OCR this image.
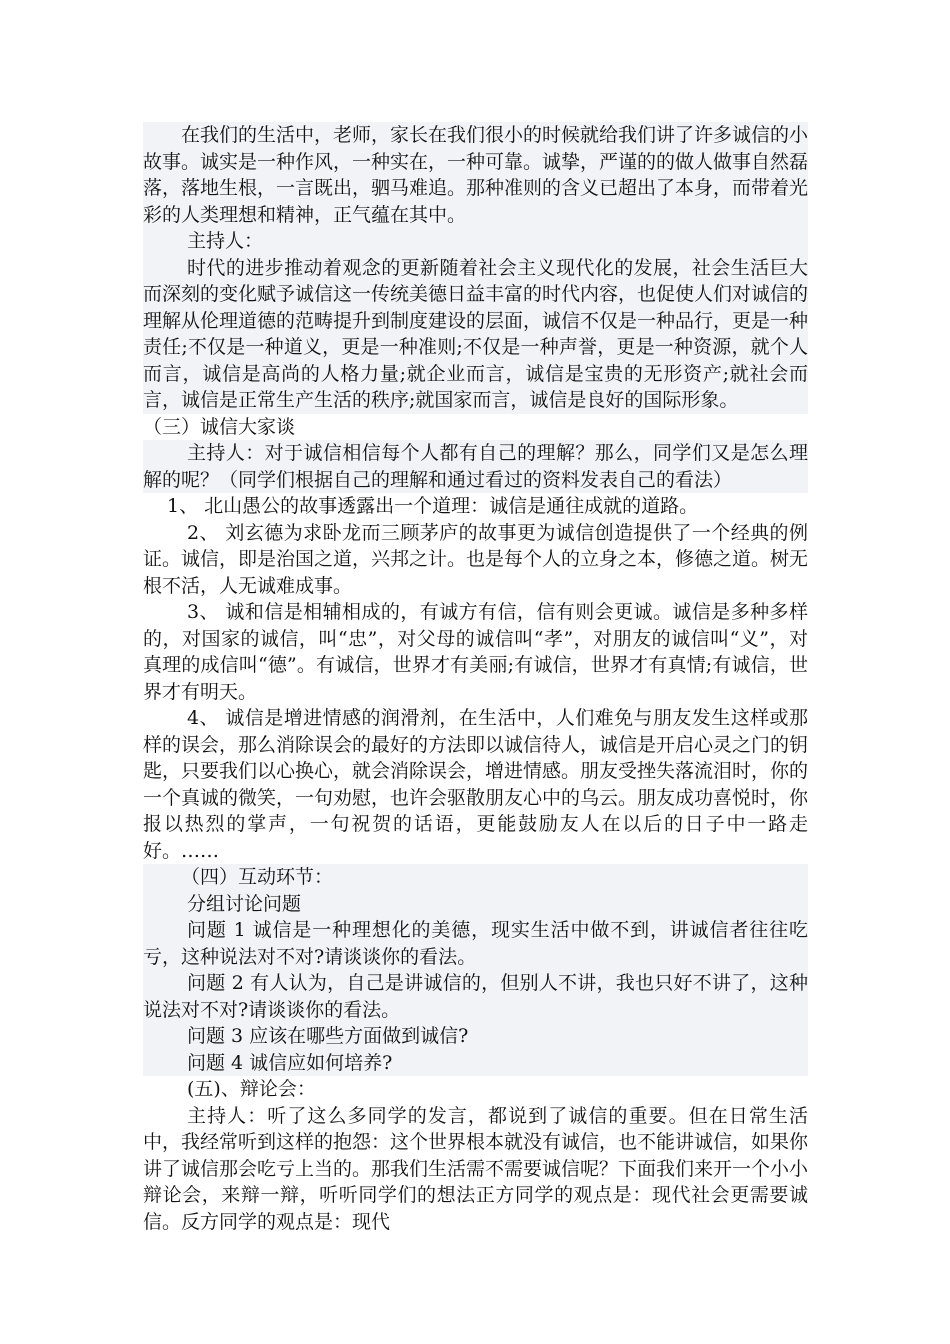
在我们的生活中，老师，家长在我们很小的时候就给我们讲了许多诚信的小故事。诚实是一种作风，一种实在，一种可靠。诚挚，严谨的的做人做事自然磊落，落地生根，一言既出，驷马难追。那种准则的含义已超出了本身，而带着光彩的人类理想和精神，正气蕴在其中。

主持人：

时代的进步推动着观念的更新随着社会主义现代化的发展，社会生活巨大而深刻的变化赋予诚信这一传统美德日益丰富的时代内容，也促使人们对诚信的理解从伦理道德的范畴提升到制度建设的层面，诚信不仅是一种品行，更是一种责任;不仅是一种道义，更是一种准则;不仅是一种声誉，更是一种资源，就个人而言，诚信是高尚的人格力量;就企业而言，诚信是宝贵的无形资产;就社会而言，诚信是正常生产生活的秩序;就国家而言，诚信是良好的国际形象。

（三）诚信大家谈

主持人：对于诚信相信每个人都有自己的理解？那么，同学们又是怎么理解的呢？（同学们根据自己的理解和通过看过的资料发表自己的看法）

1、 北山愚公的故事透露出一个道理：诚信是通往成就的道路。

2、 刘玄德为求卧龙而三顾茅庐的故事更为诚信创造提供了一个经典的例证。诚信，即是治国之道，兴邦之计。也是每个人的立身之本，修德之道。树无根不活，人无诚难成事。

3、 诚和信是相辅相成的，有诚方有信，信有则会更诚。诚信是多种多样的，对国家的诚信，叫“忠”，对父母的诚信叫“孝”，对朋友的诚信叫“义”，对真理的成信叫“德”。有诚信，世界才有美丽;有诚信，世界才有真情;有诚信，世界才有明天。

4、 诚信是增进情感的润滑剂，在生活中，人们难免与朋友发生这样或那样的误会，那么消除误会的最好的方法即以诚信待人，诚信是开启心灵之门的钥匙，只要我们以心换心，就会消除误会，增进情感。朋友受挫失落流泪时，你的一个真诚的微笑，一句劝慰，也许会驱散朋友心中的乌云。朋友成功喜悦时，你报以热烈的掌声，一句祝贺的话语，更能鼓励友人在以后的日子中一路走好。……

（四）互动环节：

分组讨论问题

问题 1 诚信是一种理想化的美德，现实生活中做不到，讲诚信者往往吃亏，这种说法对不对?请谈谈你的看法。

问题 2 有人认为，自己是讲诚信的，但别人不讲，我也只好不讲了，这种说法对不对?请谈谈你的看法。

问题 3 应该在哪些方面做到诚信?

问题 4 诚信应如何培养?

(五)、辩论会：

主持人：听了这么多同学的发言，都说到了诚信的重要。但在日常生活中，我经常听到这样的抱怨：这个世界根本就没有诚信，也不能讲诚信，如果你讲了诚信那会吃亏上当的。那我们生活需不需要诚信呢？下面我们来开一个小小辩论会，来辩一辩，听听同学们的想法正方同学的观点是：现代社会更需要诚信。反方同学的观点是：现代
